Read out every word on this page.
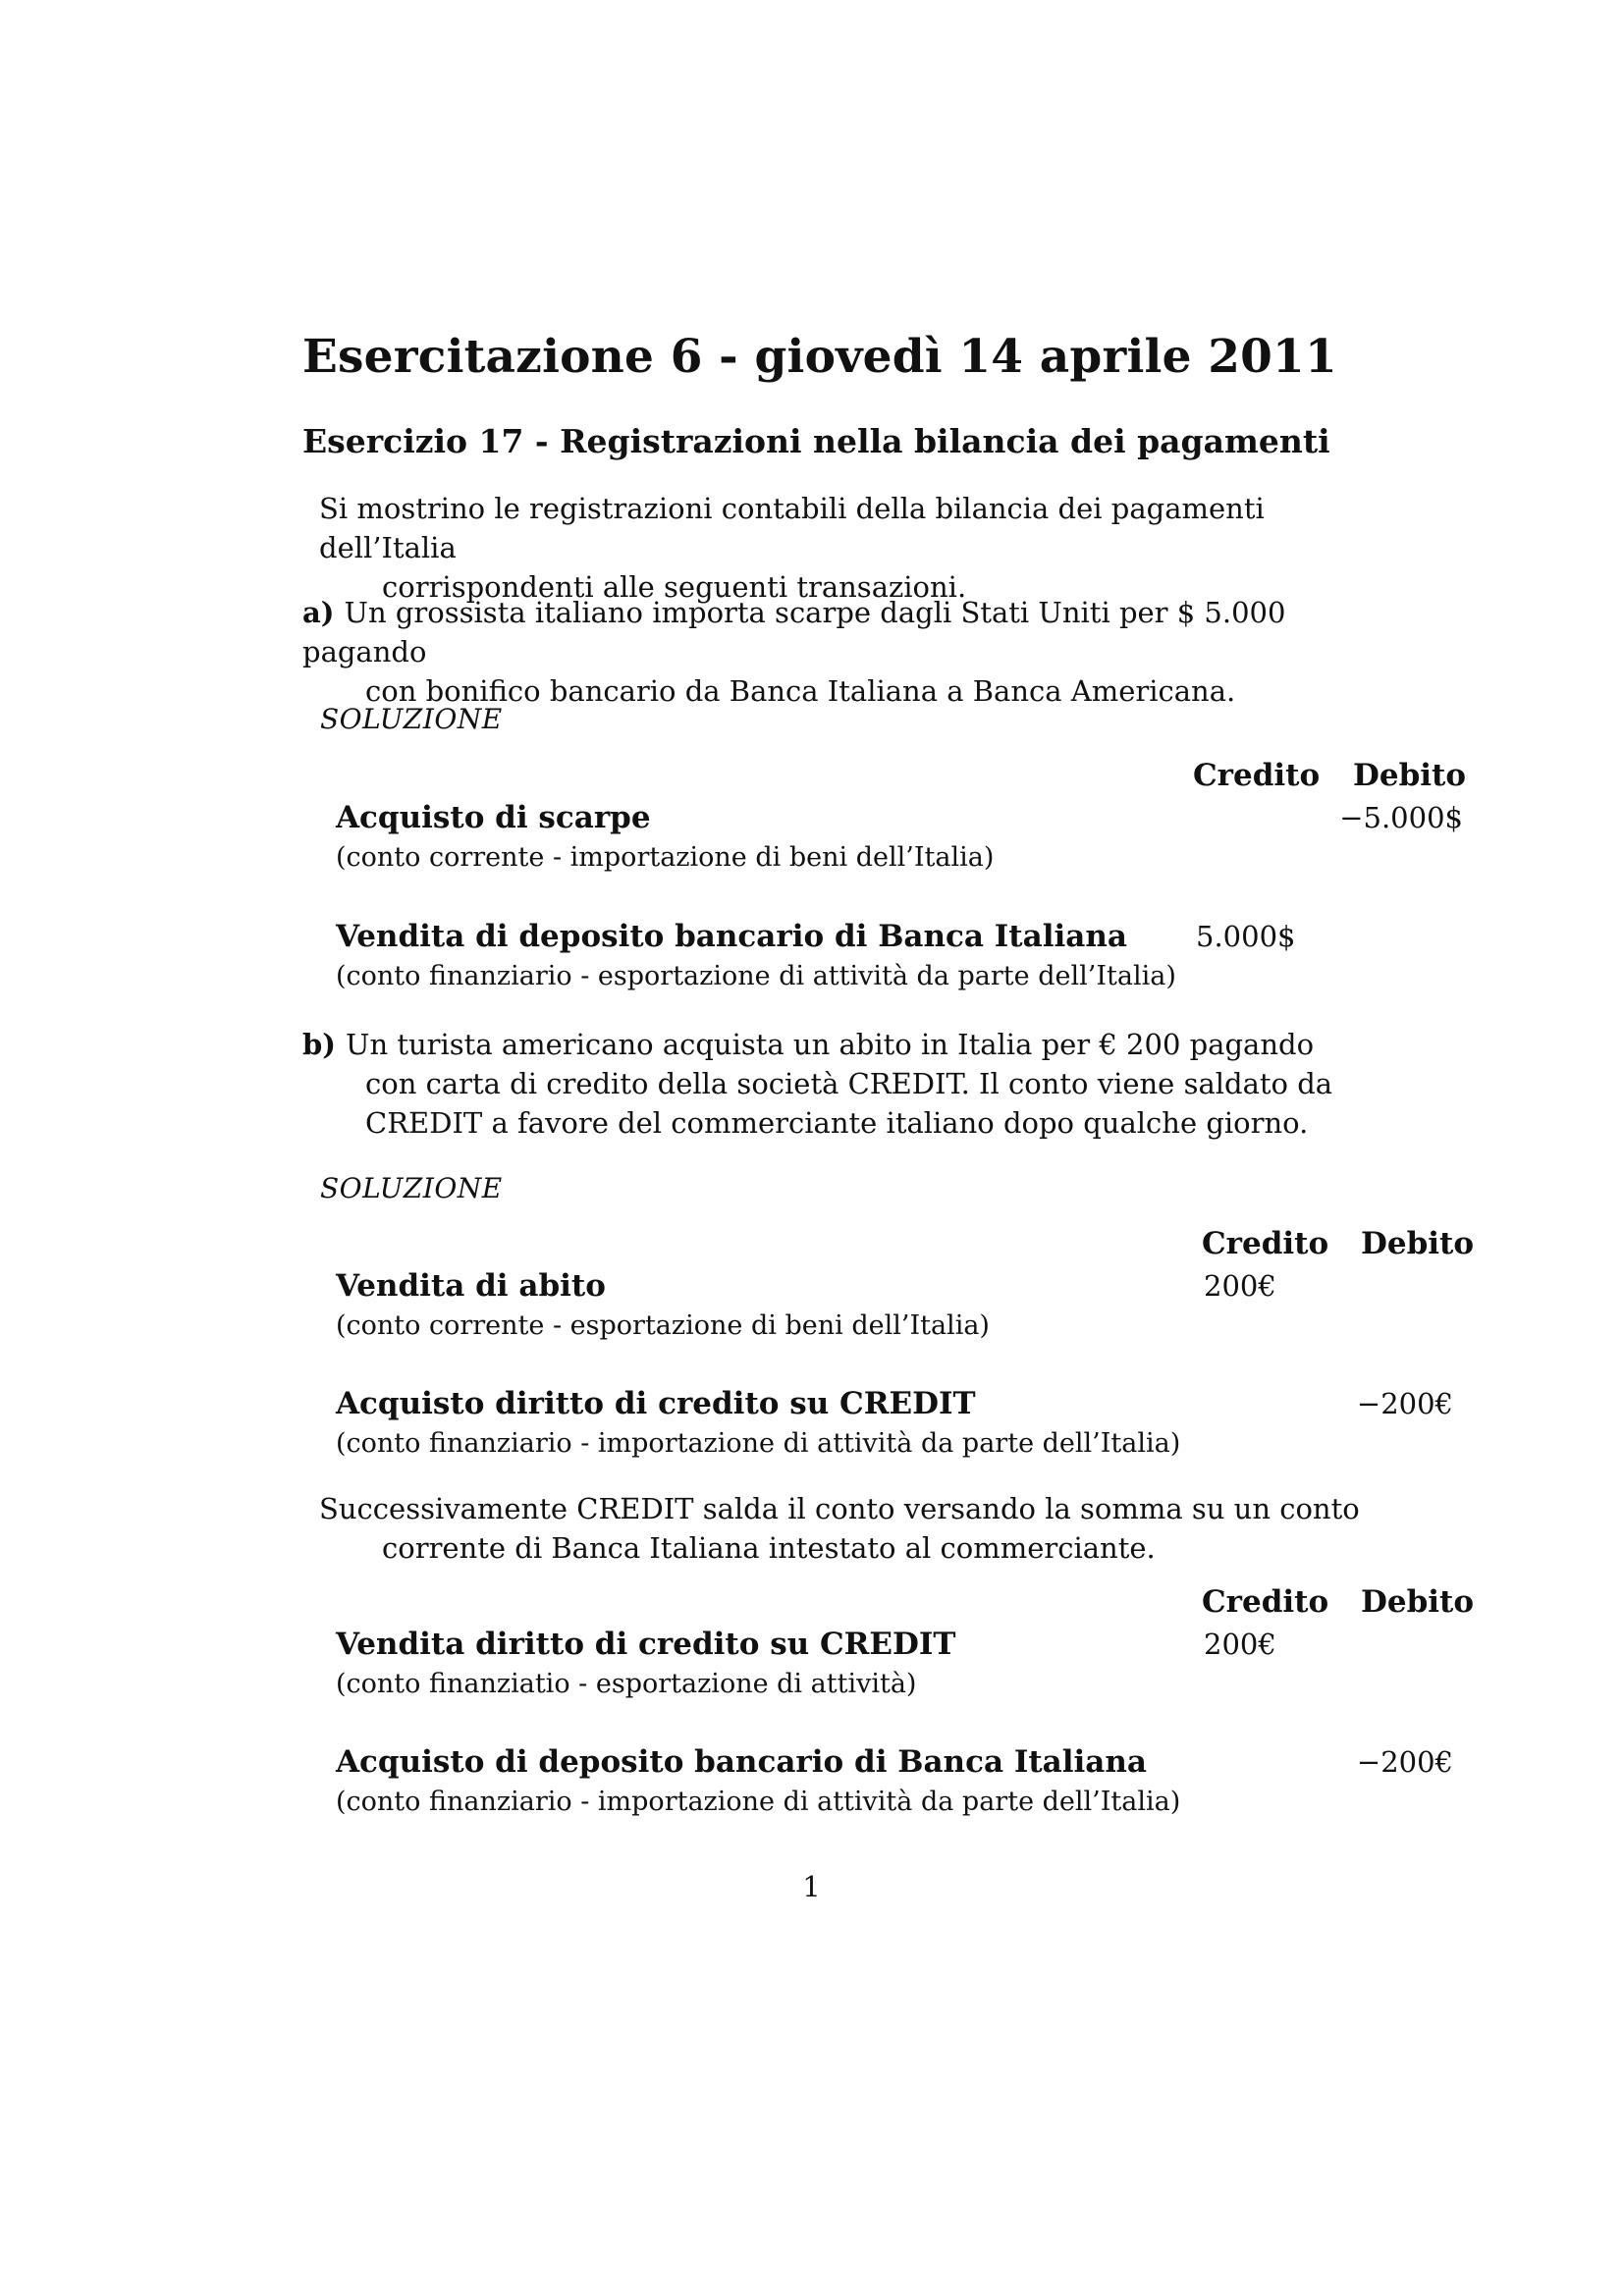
Esercitazione 6 - giovedì 14 aprile 2011
Esercizio 17 - Registrazioni nella bilancia dei pagamenti
Si mostrino le registrazioni contabili della bilancia dei pagamenti dell’Italia
corrispondenti alle seguenti transazioni.
a) Un grossista italiano importa scarpe dagli Stati Uniti per $ 5.000 pagando
con bonifico bancario da Banca Italiana a Banca Americana.
SOLUZIONE
Credito Debito
Acquisto di scarpe	−5.000$
(conto corrente - importazione di beni dell’Italia)
Vendita di deposito bancario di Banca Italiana 5.000$
(conto finanziario - esportazione di attività da parte dell’Italia)
b) Un turista americano acquista un abito in Italia per € 200 pagando
con carta di credito della società CREDIT. Il conto viene saldato da
CREDIT a favore del commerciante italiano dopo qualche giorno.
SOLUZIONE
Credito Debito
Vendita di abito	200€
(conto corrente - esportazione di beni dell’Italia)
Acquisto diritto di credito su CREDIT	−200€
(conto finanziario - importazione di attività da parte dell’Italia)
Successivamente CREDIT salda il conto versando la somma su un conto
corrente di Banca Italiana intestato al commerciante.
Credito Debito
Vendita diritto di credito su CREDIT	200€
(conto finanziatio - esportazione di attività)
Acquisto di deposito bancario di Banca Italiana	−200€
(conto finanziario - importazione di attività da parte dell’Italia)
1
